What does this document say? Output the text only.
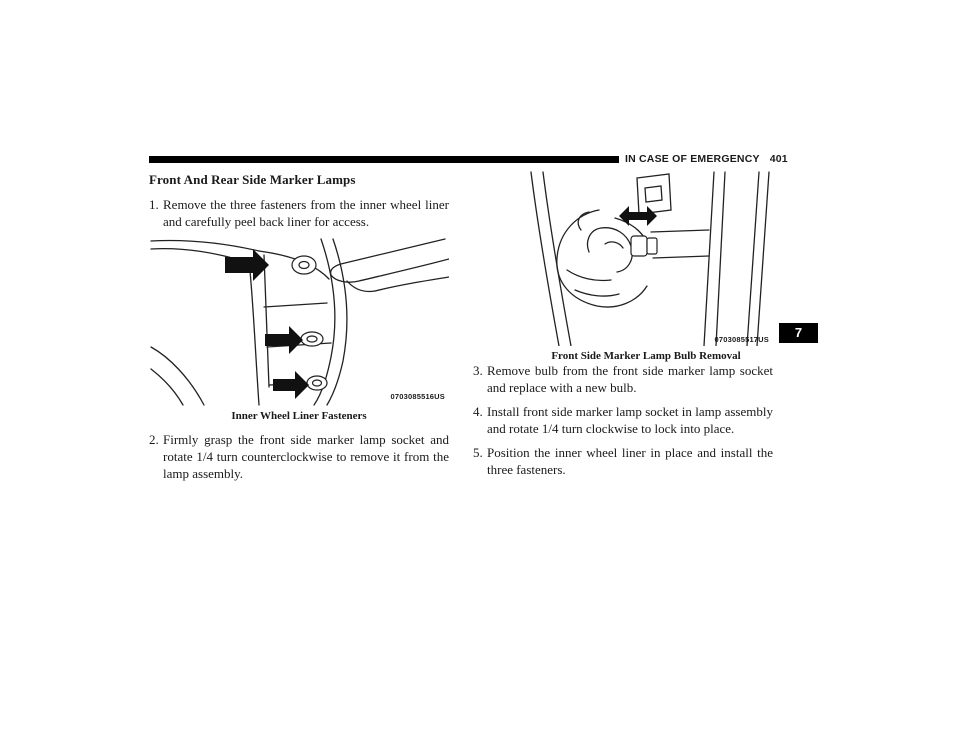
IN CASE OF EMERGENCY 401
7
Front And Rear Side Marker Lamps

1. Remove the three fasteners from the inner wheel liner and carefully peel back liner for access.

0703085516US
Inner Wheel Liner Fasteners

2. Firmly grasp the front side marker lamp socket and rotate 1/4 turn counterclockwise to remove it from the lamp assembly.

0703085517US
Front Side Marker Lamp Bulb Removal

3. Remove bulb from the front side marker lamp socket and replace with a new bulb.

4. Install front side marker lamp socket in lamp assembly and rotate 1/4 turn clockwise to lock into place.

5. Position the inner wheel liner in place and install the three fasteners.
